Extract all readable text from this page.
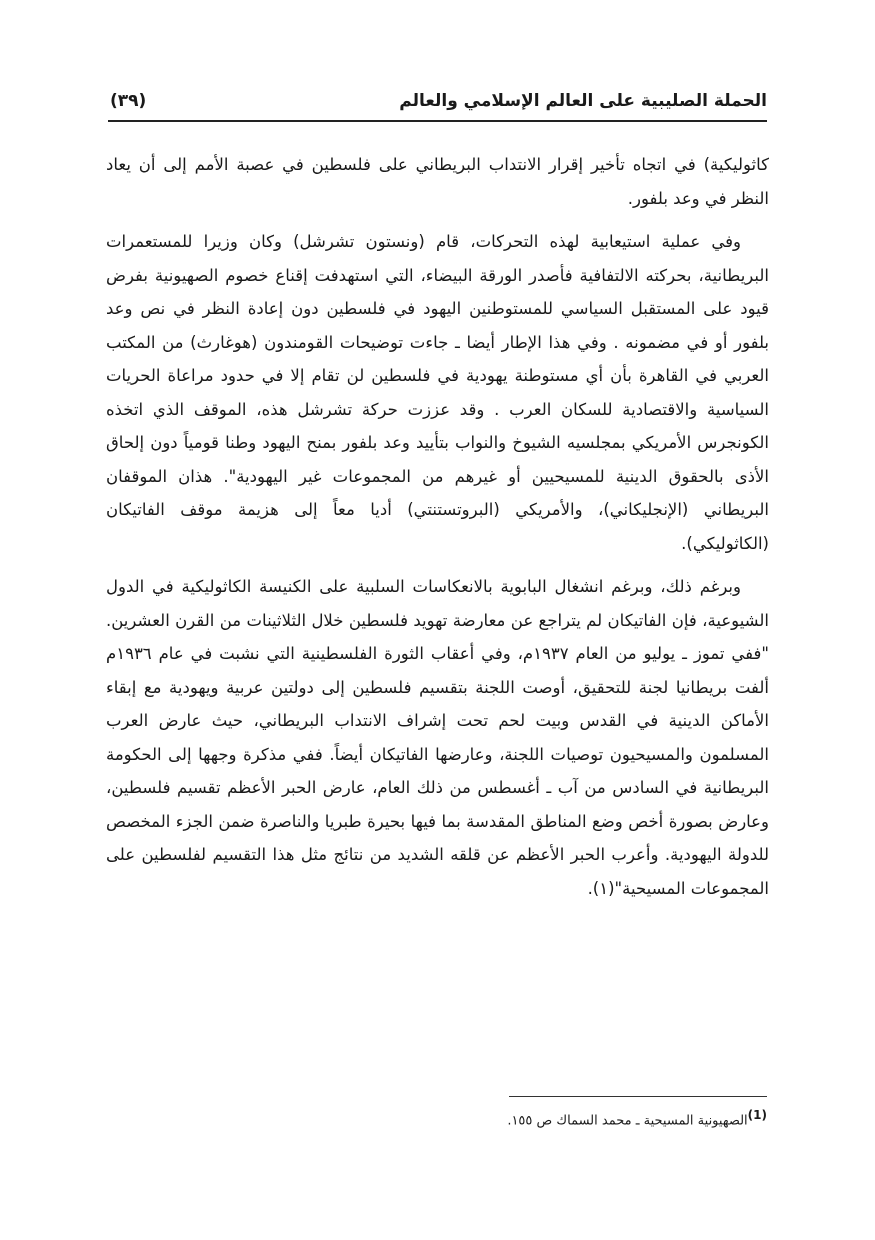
الحملة الصليبية على العالم الإسلامي والعالم
(٣٩)

كاثوليكية) في اتجاه تأخير إقرار الانتداب البريطاني على فلسطين في عصبة الأمم إلى أن يعاد النظر في وعد بلفور.

وفي عملية استيعابية لهذه التحركات، قام (ونستون تشرشل) وكان وزيرا للمستعمرات البريطانية، بحركته الالتفافية فأصدر الورقة البيضاء، التي استهدفت إقناع خصوم الصهيونية بفرض قيود على المستقبل السياسي للمستوطنين اليهود في فلسطين دون إعادة النظر في نص وعد بلفور أو في مضمونه . وفي هذا الإطار أيضا ـ جاءت توضيحات القومندون (هوغارث) من المكتب العربي في القاهرة بأن أي مستوطنة يهودية في فلسطين لن تقام إلا في حدود مراعاة الحريات السياسية والاقتصادية للسكان العرب . وقد عززت حركة تشرشل هذه، الموقف الذي اتخذه الكونجرس الأمريكي بمجلسيه الشيوخ والنواب بتأييد وعد بلفور بمنح اليهود وطنا قومياً دون إلحاق الأذى بالحقوق الدينية للمسيحيين أو غيرهم من المجموعات غير اليهودية". هذان الموقفان البريطاني (الإنجليكاني)، والأمريكي (البروتستنتي) أديا معاً إلى هزيمة موقف الفاتيكان (الكاثوليكي).

وبرغم ذلك، وبرغم انشغال البابوية بالانعكاسات السلبية على الكنيسة الكاثوليكية في الدول الشيوعية، فإن الفاتيكان لم يتراجع عن معارضة تهويد فلسطين خلال الثلاثينات من القرن العشرين. "ففي تموز ـ يوليو من العام ١٩٣٧م، وفي أعقاب الثورة الفلسطينية التي نشبت في عام ١٩٣٦م ألفت بريطانيا لجنة للتحقيق، أوصت اللجنة بتقسيم فلسطين إلى دولتين عربية ويهودية مع إبقاء الأماكن الدينية في القدس وبيت لحم تحت إشراف الانتداب البريطاني، حيث عارض العرب المسلمون والمسيحيون توصيات اللجنة، وعارضها الفاتيكان أيضاً. ففي مذكرة وجهها إلى الحكومة البريطانية في السادس من آب ـ أغسطس من ذلك العام، عارض الحبر الأعظم تقسيم فلسطين، وعارض بصورة أخص وضع المناطق المقدسة بما فيها بحيرة طبريا والناصرة ضمن الجزء المخصص للدولة اليهودية. وأعرب الحبر الأعظم عن قلقه الشديد من نتائج مثل هذا التقسيم لفلسطين على المجموعات المسيحية"(١).

$^{(1)}$الصهيونية المسيحية ـ محمد السماك ص ١٥٥.
